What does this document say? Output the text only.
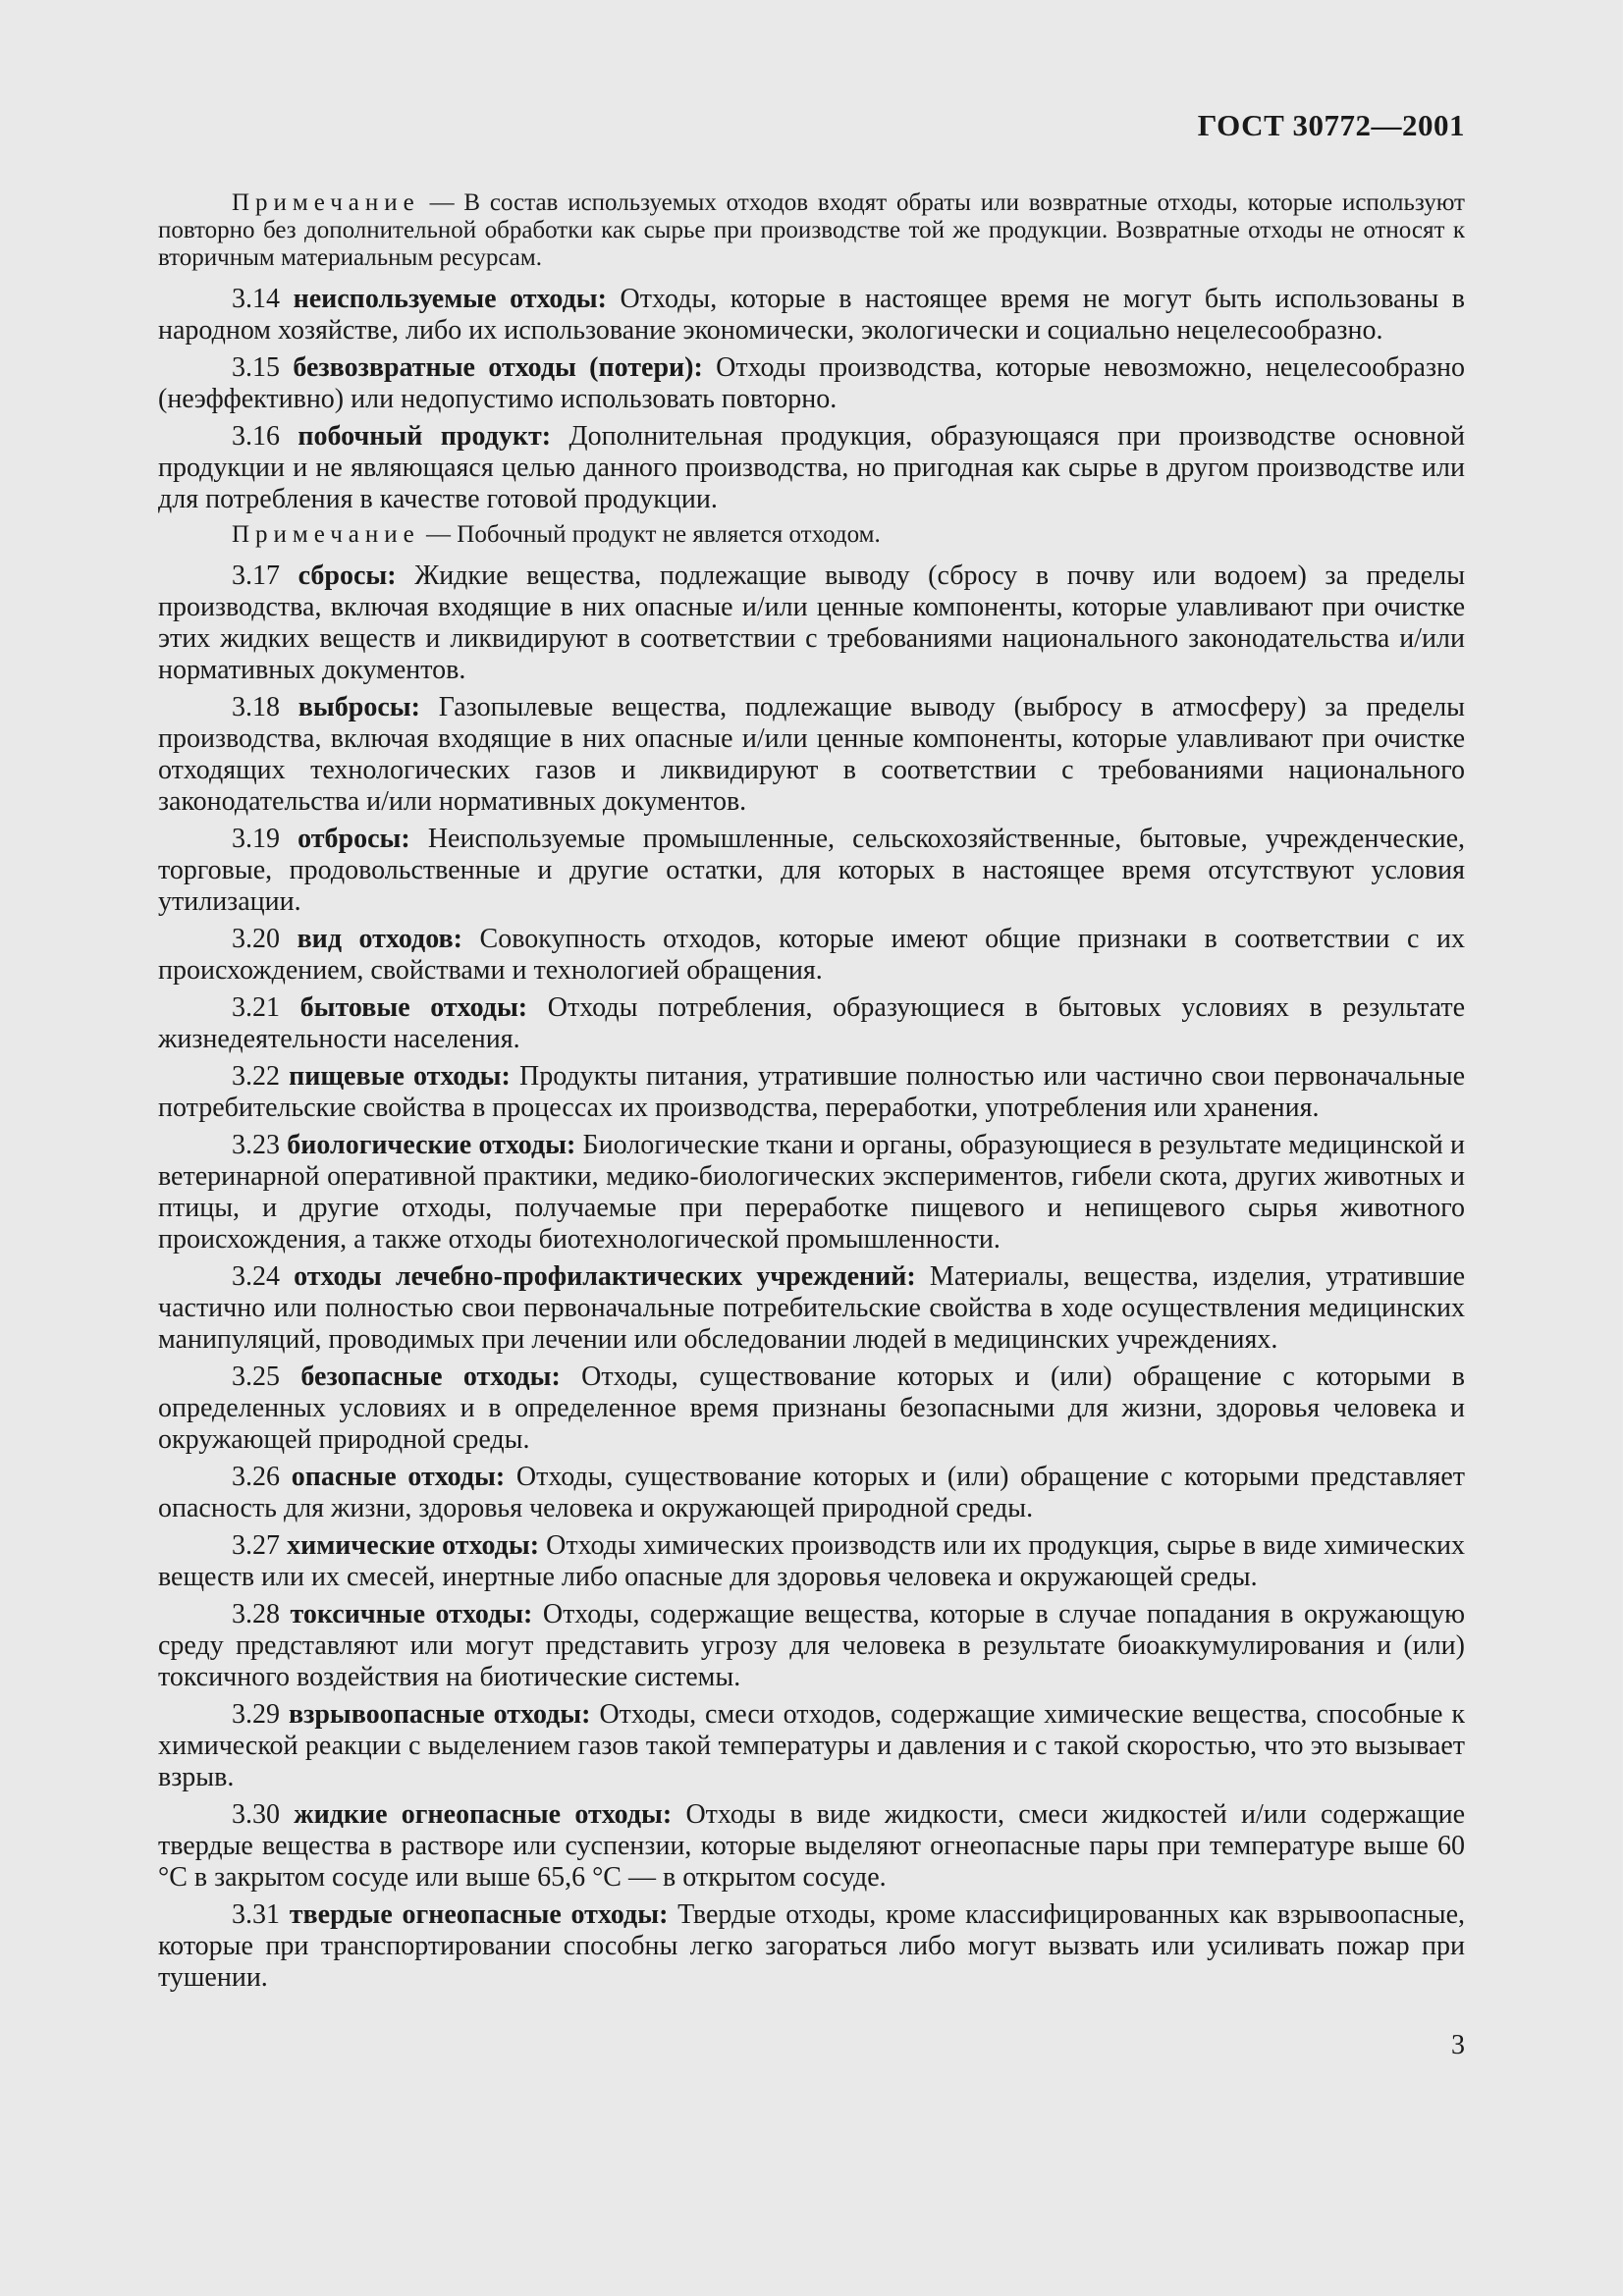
ГОСТ 30772—2001

Примечание — В состав используемых отходов входят обраты или возвратные отходы, которые используют повторно без дополнительной обработки как сырье при производстве той же продукции. Возвратные отходы не относят к вторичным материальным ресурсам.

3.14 неиспользуемые отходы: Отходы, которые в настоящее время не могут быть использованы в народном хозяйстве, либо их использование экономически, экологически и социально нецелесообразно.

3.15 безвозвратные отходы (потери): Отходы производства, которые невозможно, нецелесообразно (неэффективно) или недопустимо использовать повторно.

3.16 побочный продукт: Дополнительная продукция, образующаяся при производстве основной продукции и не являющаяся целью данного производства, но пригодная как сырье в другом производстве или для потребления в качестве готовой продукции.

Примечание — Побочный продукт не является отходом.

3.17 сбросы: Жидкие вещества, подлежащие выводу (сбросу в почву или водоем) за пределы производства, включая входящие в них опасные и/или ценные компоненты, которые улавливают при очистке этих жидких веществ и ликвидируют в соответствии с требованиями национального законодательства и/или нормативных документов.

3.18 выбросы: Газопылевые вещества, подлежащие выводу (выбросу в атмосферу) за пределы производства, включая входящие в них опасные и/или ценные компоненты, которые улавливают при очистке отходящих технологических газов и ликвидируют в соответствии с требованиями национального законодательства и/или нормативных документов.

3.19 отбросы: Неиспользуемые промышленные, сельскохозяйственные, бытовые, учрежденческие, торговые, продовольственные и другие остатки, для которых в настоящее время отсутствуют условия утилизации.

3.20 вид отходов: Совокупность отходов, которые имеют общие признаки в соответствии с их происхождением, свойствами и технологией обращения.

3.21 бытовые отходы: Отходы потребления, образующиеся в бытовых условиях в результате жизнедеятельности населения.

3.22 пищевые отходы: Продукты питания, утратившие полностью или частично свои первоначальные потребительские свойства в процессах их производства, переработки, употребления или хранения.

3.23 биологические отходы: Биологические ткани и органы, образующиеся в результате медицинской и ветеринарной оперативной практики, медико-биологических экспериментов, гибели скота, других животных и птицы, и другие отходы, получаемые при переработке пищевого и непищевого сырья животного происхождения, а также отходы биотехнологической промышленности.

3.24 отходы лечебно-профилактических учреждений: Материалы, вещества, изделия, утратившие частично или полностью свои первоначальные потребительские свойства в ходе осуществления медицинских манипуляций, проводимых при лечении или обследовании людей в медицинских учреждениях.

3.25 безопасные отходы: Отходы, существование которых и (или) обращение с которыми в определенных условиях и в определенное время признаны безопасными для жизни, здоровья человека и окружающей природной среды.

3.26 опасные отходы: Отходы, существование которых и (или) обращение с которыми представляет опасность для жизни, здоровья человека и окружающей природной среды.

3.27 химические отходы: Отходы химических производств или их продукция, сырье в виде химических веществ или их смесей, инертные либо опасные для здоровья человека и окружающей среды.

3.28 токсичные отходы: Отходы, содержащие вещества, которые в случае попадания в окружающую среду представляют или могут представить угрозу для человека в результате биоаккумулирования и (или) токсичного воздействия на биотические системы.

3.29 взрывоопасные отходы: Отходы, смеси отходов, содержащие химические вещества, способные к химической реакции с выделением газов такой температуры и давления и с такой скоростью, что это вызывает взрыв.

3.30 жидкие огнеопасные отходы: Отходы в виде жидкости, смеси жидкостей и/или содержащие твердые вещества в растворе или суспензии, которые выделяют огнеопасные пары при температуре выше 60 °С в закрытом сосуде или выше 65,6 °С — в открытом сосуде.

3.31 твердые огнеопасные отходы: Твердые отходы, кроме классифицированных как взрывоопасные, которые при транспортировании способны легко загораться либо могут вызвать или усиливать пожар при тушении.

3
